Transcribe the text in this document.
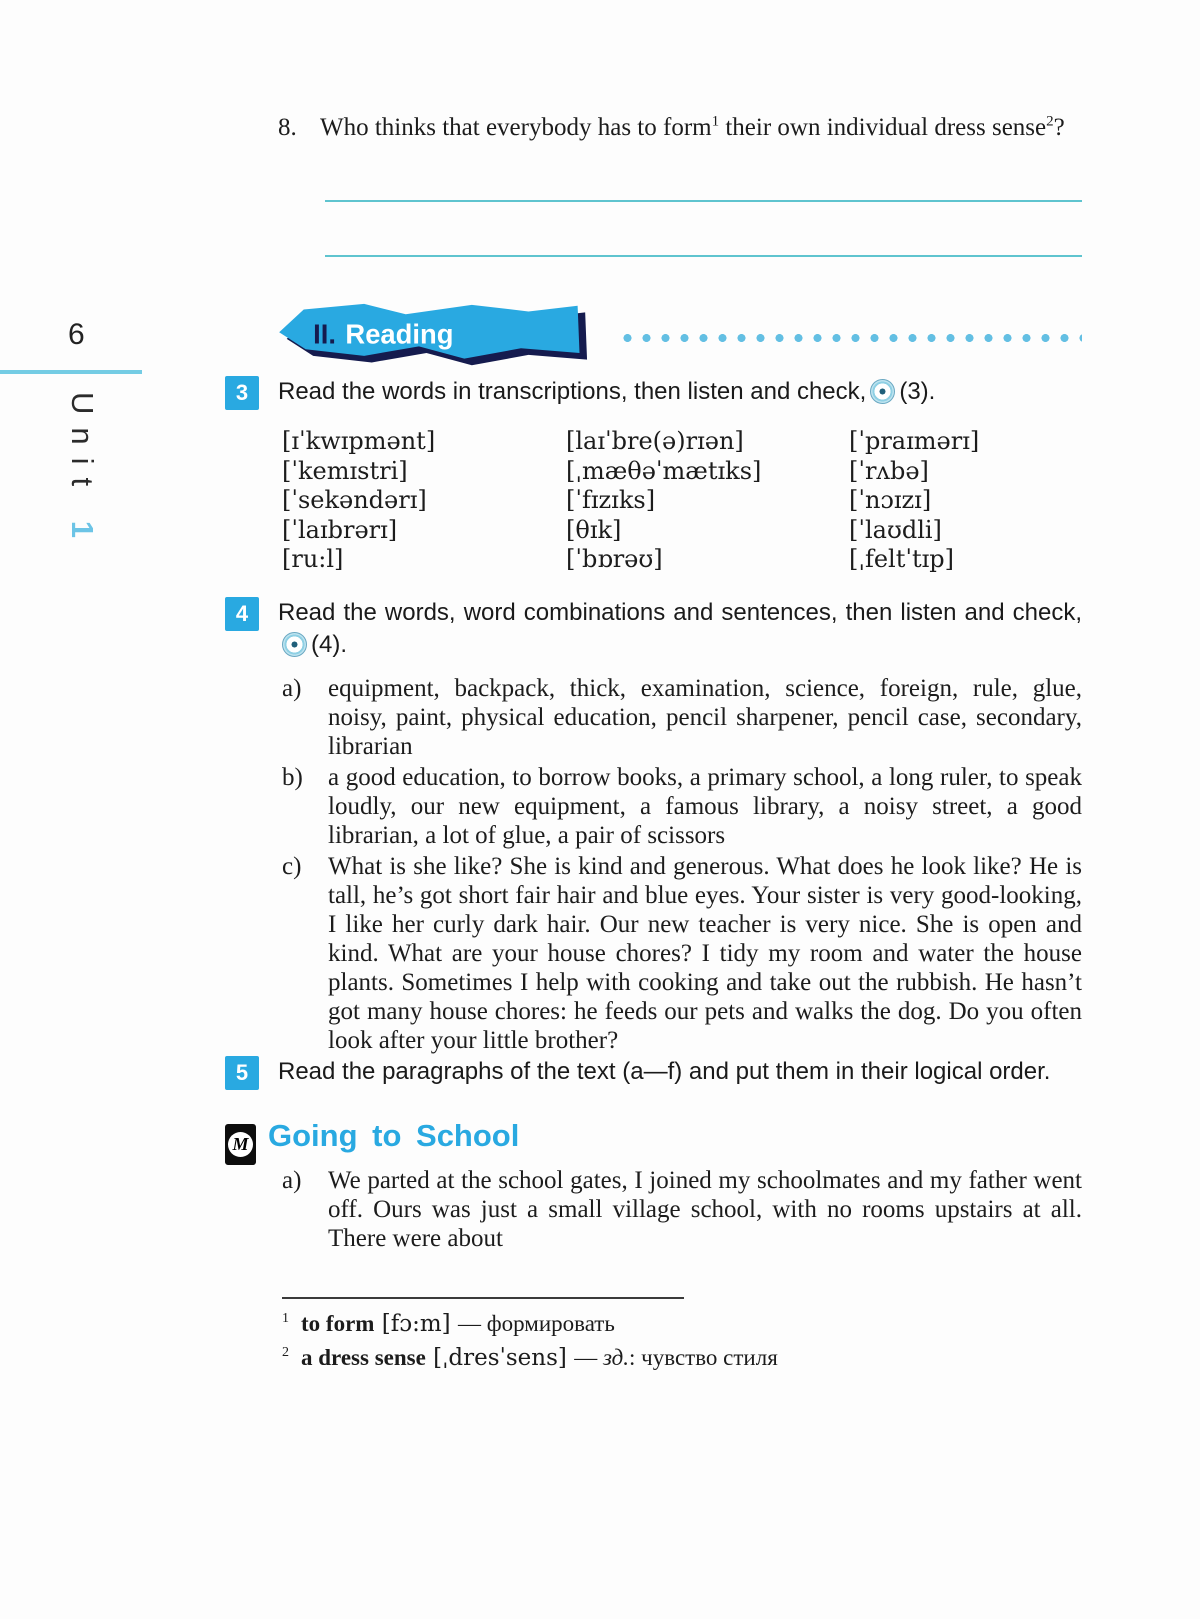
6
Unit 1
8. Who thinks that everybody has to form$^1$ their own individual dress sense$^2$?
II. Reading
3	Read the words in transcriptions, then listen and check, (3).
[ɪˈkwɪpmənt]	[laɪˈbre(ə)rɪən]	[ˈpraɪmərɪ]
[ˈkemɪstri]	[ˌmæθəˈmætɪks]	[ˈrʌbə]
[ˈsekəndərɪ]	[ˈfɪzɪks]	[ˈnɔɪzɪ]
[ˈlaɪbrərɪ]	[θɪk]	[ˈlaʊdli]
[ru:l]	[ˈbɒrəʊ]	[ˌfeltˈtɪp]
4	Read the words, word combinations and sentences, then listen and check,(4).
a)	equipment, backpack, thick, examination, science, foreign, rule, glue, noisy, paint, physical education, pencil sharpener, pencil case, secondary, librarian
b)	a good education, to borrow books, a primary school, a long ruler, to speak loudly, our new equipment, a famous library, a noisy street, a good librarian, a lot of glue, a pair of scissors
c)	What is she like? She is kind and generous. What does he look like? He is tall, he’s got short fair hair and blue eyes. Your sister is very good-looking, I like her curly dark hair. Our new teacher is very nice. She is open and kind. What are your house chores? I tidy my room and water the house plants. Sometimes I help with cooking and take out the rubbish. He hasn’t got many house chores: he feeds our pets and walks the dog. Do you often look after your little brother?
5	Read the paragraphs of the text (a—f) and put them in their logical order.
M Going to School
a)	We parted at the school gates, I joined my schoolmates and my father went off. Ours was just a small village school, with no rooms upstairs at all. There were about
$^1$ to form [fɔ:m] — формировать
$^2$ a dress sense [ˌdresˈsens] — зд.: чувство стиля
